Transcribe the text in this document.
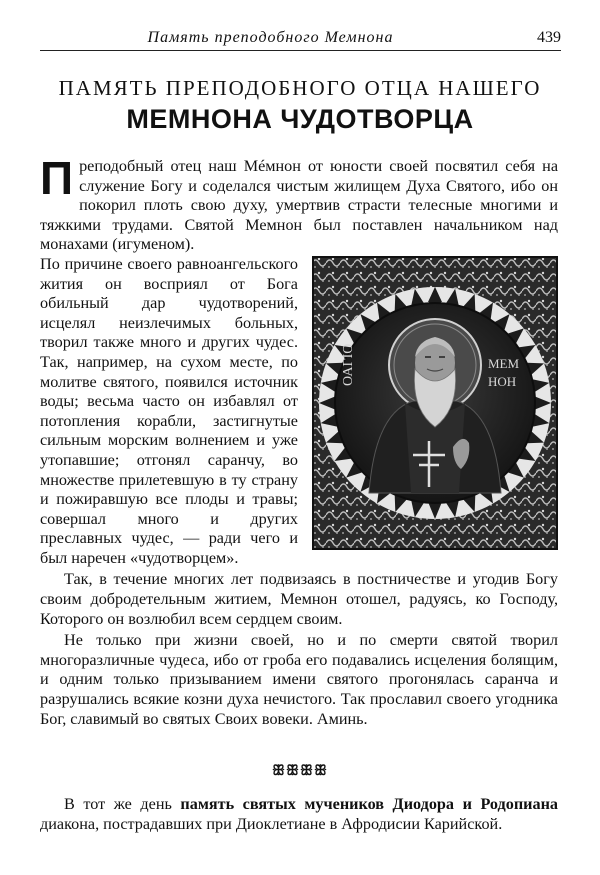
Память преподобного Мемнона	439
ПАМЯТЬ ПРЕПОДОБНОГО ОТЦА НАШЕГО
МЕМНОНА ЧУДОТВОРЦА

Преподобный отец наш Мéмнон от юности своей посвятил себя на служение Богу и соделался чистым жилищем Духа Святого, ибо он покорил плоть свою духу, умертвив страсти телесные многими и тяжкими трудами. Святой Мемнон был поставлен начальником над монахами (игуменом).

ОАГІО	МЕМ НОН

По причине своего равноангельского жития он восприял от Бога обильный дар чудотворений, исцелял неизлечимых больных, творил также много и других чудес. Так, например, на сухом месте, по молитве святого, появился источник воды; весьма часто он избавлял от потопления корабли, застигнутые сильным морским волнением и уже утопавшие; отгонял саранчу, во множестве прилетевшую в ту страну и пожиравшую все плоды и травы; совершал много и других преславных чудес, — ради чего и был наречен «чудотворцем».

Так, в течение многих лет подвизаясь в постничестве и угодив Богу своим добродетельным житием, Мемнон отошел, радуясь, ко Господу, Которого он возлюбил всем сердцем своим.

Не только при жизни своей, но и по смерти святой творил многоразличные чудеса, ибо от гроба его подавались исцеления болящим, и одним только призыванием имени святого прогонялась саранча и разрушались всякие козни духа нечистого. Так прославил своего угодника Бог, славимый во святых Своих вовеки. Аминь.

ꕥꕥꕥꕥ
В тот же день память святых мучеников Диодора и Родопиана диакона, пострадавших при Диоклетиане в Афродисии Карийской.
